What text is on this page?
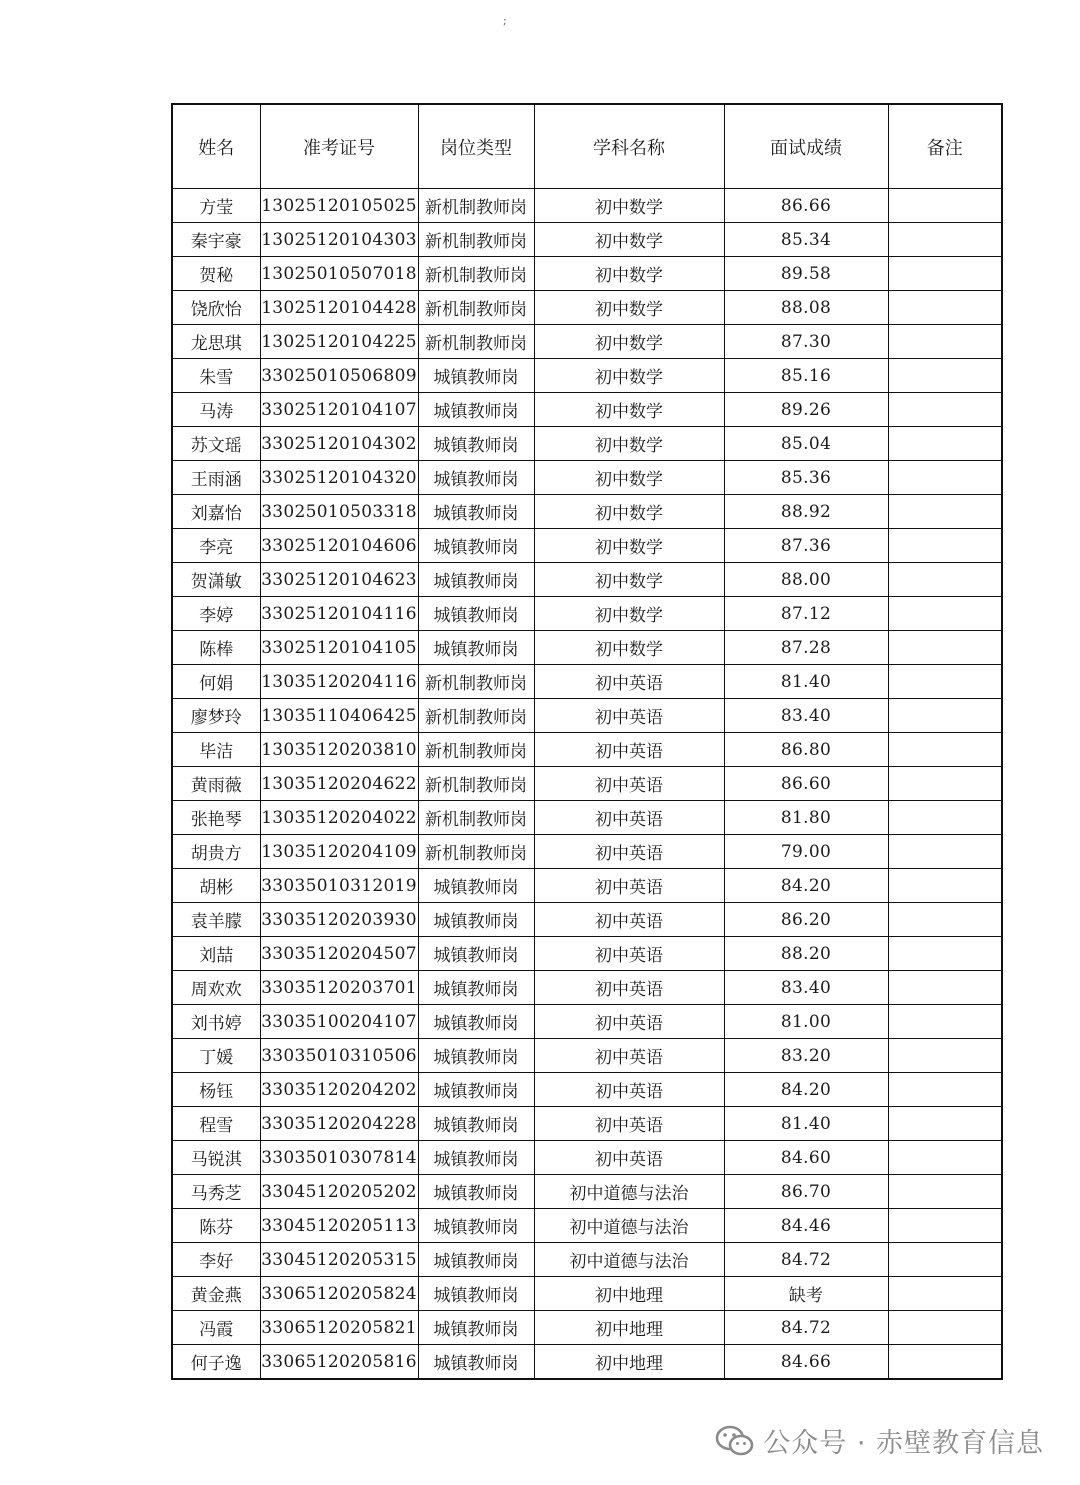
;
姓名	准考证号	岗位类型	学科名称	面试成绩	备注
方莹	13025120105025	新机制教师岗	初中数学	86.66	
秦宇豪	13025120104303	新机制教师岗	初中数学	85.34	
贺秘	13025010507018	新机制教师岗	初中数学	89.58	
饶欣怡	13025120104428	新机制教师岗	初中数学	88.08	
龙思琪	13025120104225	新机制教师岗	初中数学	87.30	
朱雪	33025010506809	城镇教师岗	初中数学	85.16	
马涛	33025120104107	城镇教师岗	初中数学	89.26	
苏文瑶	33025120104302	城镇教师岗	初中数学	85.04	
王雨涵	33025120104320	城镇教师岗	初中数学	85.36	
刘嘉怡	33025010503318	城镇教师岗	初中数学	88.92	
李亮	33025120104606	城镇教师岗	初中数学	87.36	
贺潇敏	33025120104623	城镇教师岗	初中数学	88.00	
李婷	33025120104116	城镇教师岗	初中数学	87.12	
陈棒	33025120104105	城镇教师岗	初中数学	87.28	
何娟	13035120204116	新机制教师岗	初中英语	81.40	
廖梦玲	13035110406425	新机制教师岗	初中英语	83.40	
毕洁	13035120203810	新机制教师岗	初中英语	86.80	
黄雨薇	13035120204622	新机制教师岗	初中英语	86.60	
张艳琴	13035120204022	新机制教师岗	初中英语	81.80	
胡贵方	13035120204109	新机制教师岗	初中英语	79.00	
胡彬	33035010312019	城镇教师岗	初中英语	84.20	
袁羊朦	33035120203930	城镇教师岗	初中英语	86.20	
刘喆	33035120204507	城镇教师岗	初中英语	88.20	
周欢欢	33035120203701	城镇教师岗	初中英语	83.40	
刘书婷	33035100204107	城镇教师岗	初中英语	81.00	
丁媛	33035010310506	城镇教师岗	初中英语	83.20	
杨钰	33035120204202	城镇教师岗	初中英语	84.20	
程雪	33035120204228	城镇教师岗	初中英语	81.40	
马锐淇	33035010307814	城镇教师岗	初中英语	84.60	
马秀芝	33045120205202	城镇教师岗	初中道德与法治	86.70	
陈芬	33045120205113	城镇教师岗	初中道德与法治	84.46	
李好	33045120205315	城镇教师岗	初中道德与法治	84.72	
黄金燕	33065120205824	城镇教师岗	初中地理	缺考	
冯霞	33065120205821	城镇教师岗	初中地理	84.72	
何子逸	33065120205816	城镇教师岗	初中地理	84.66	
公众号 · 赤壁教育信息
